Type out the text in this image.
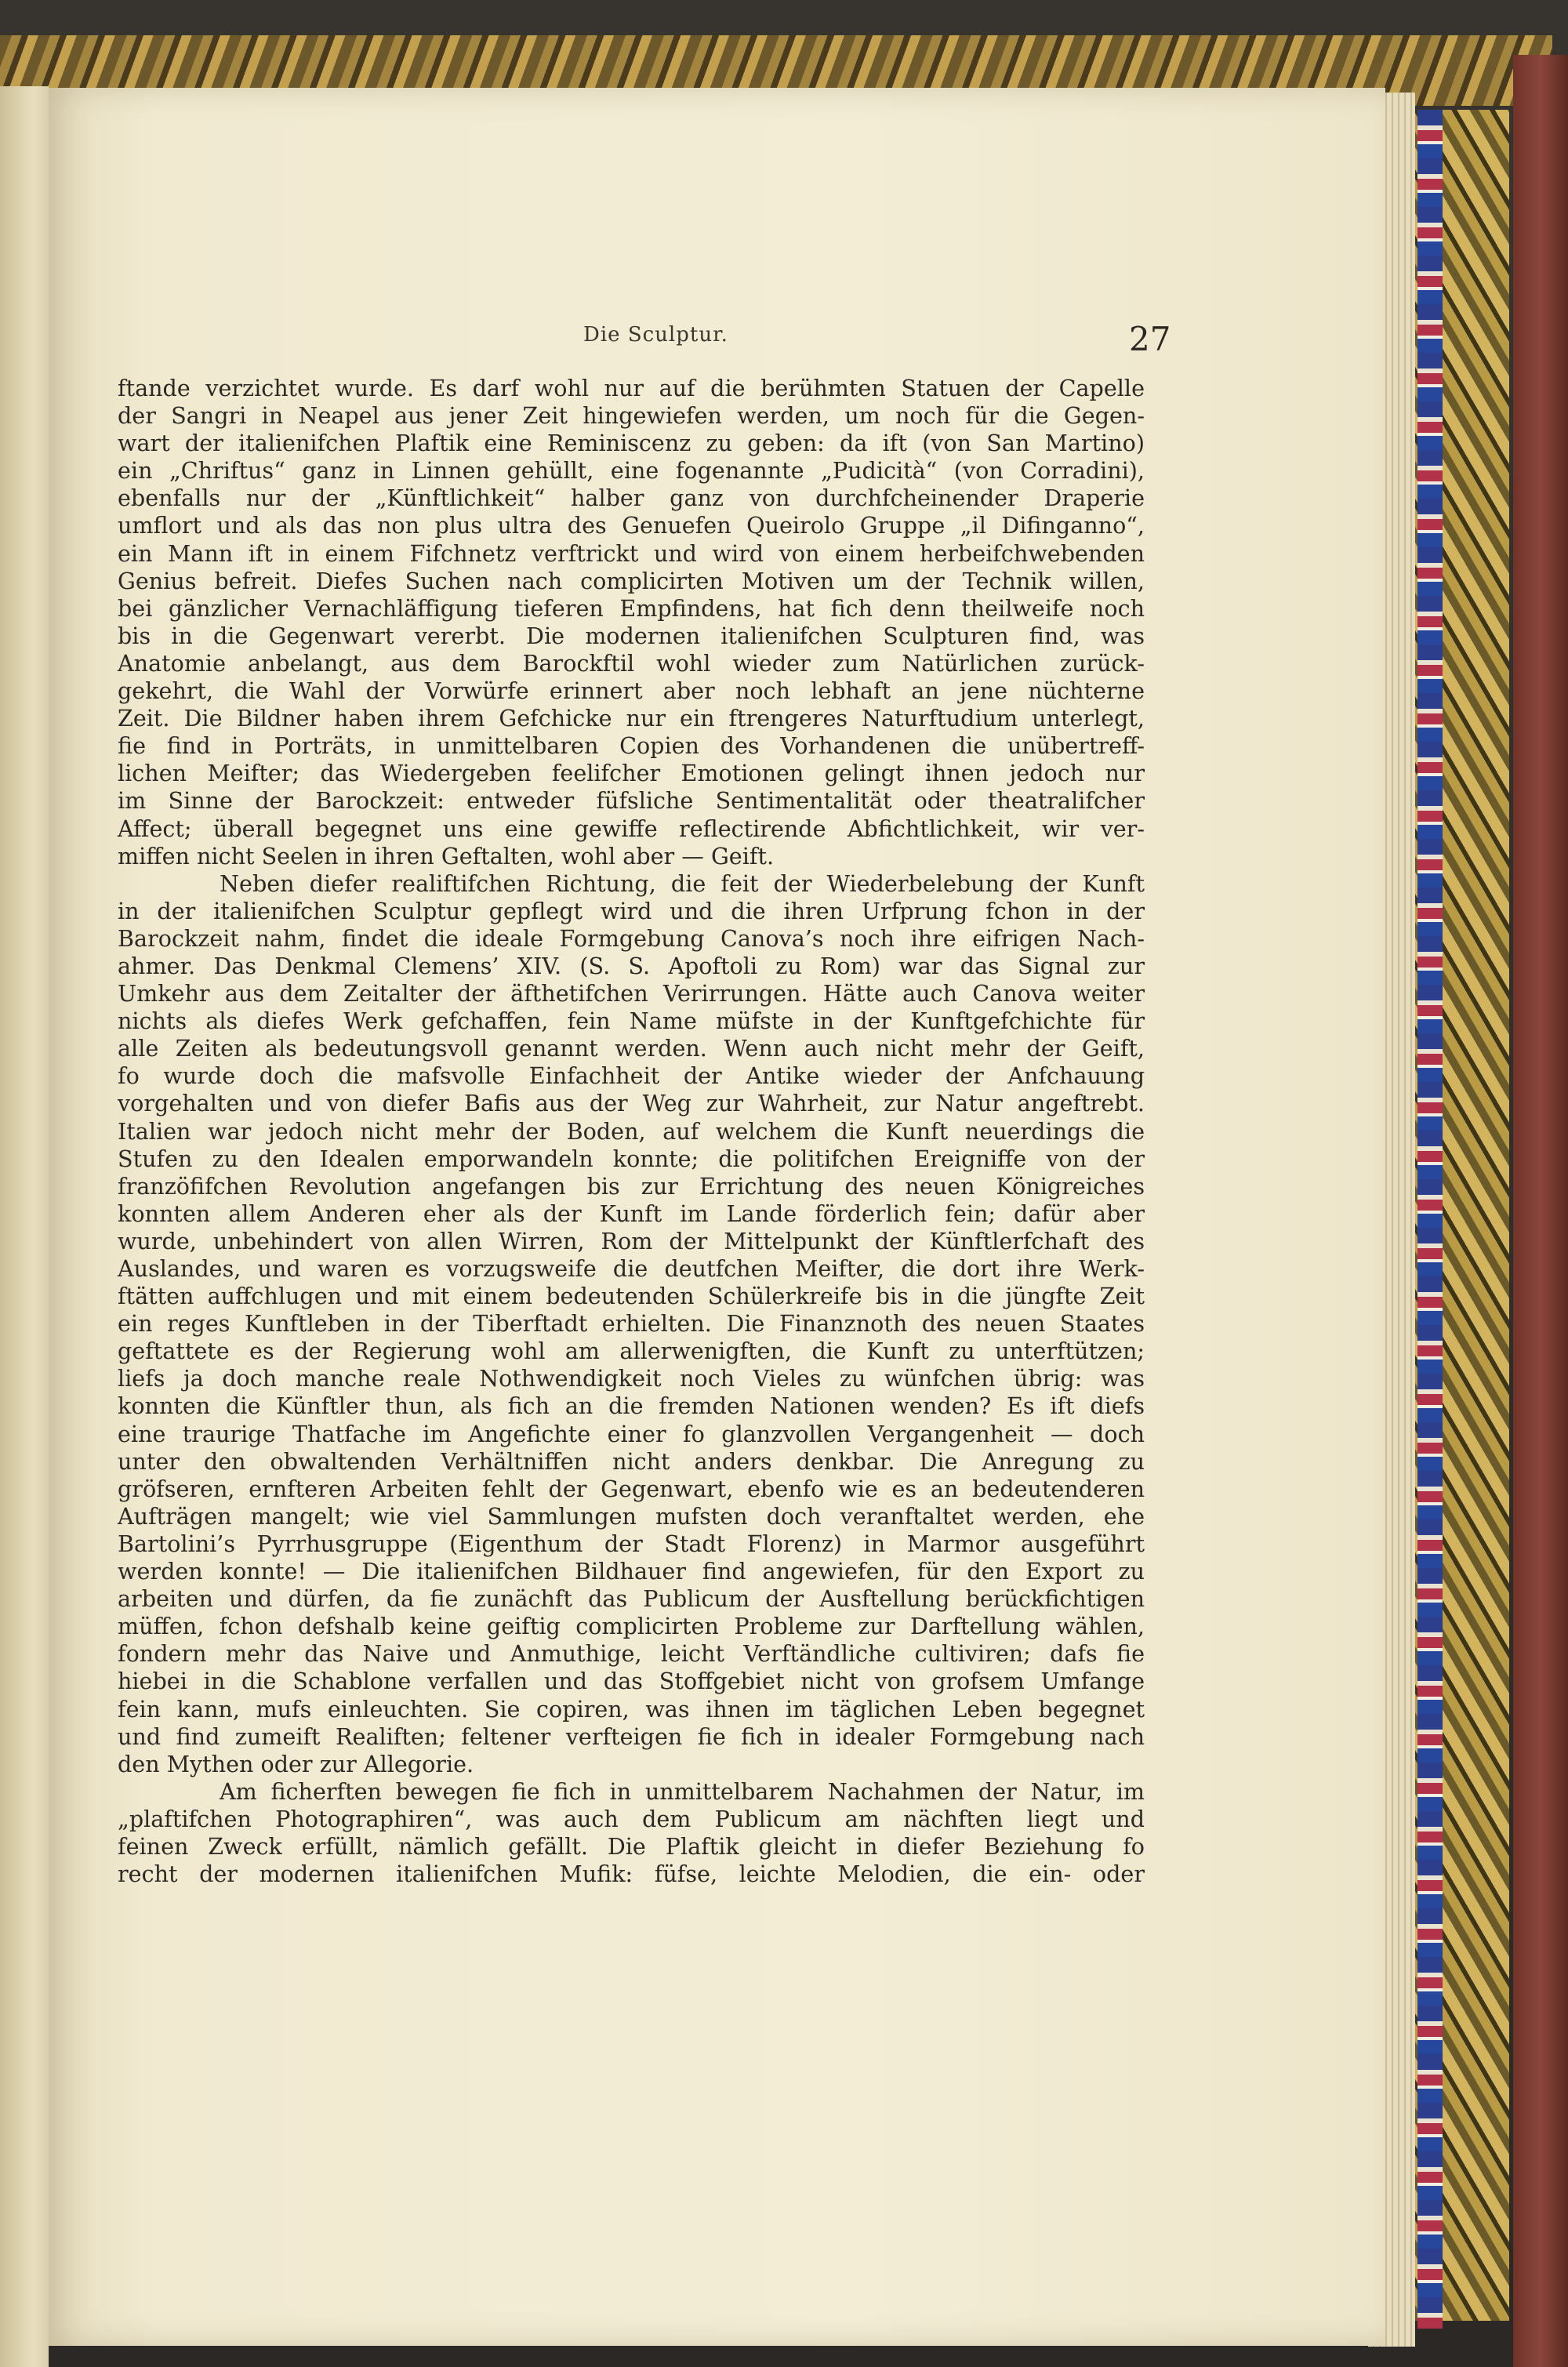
Die Sculptur.	27
ftande verzichtet wurde. Es darf wohl nur auf die berühmten Statuen der Capelle
der Sangri in Neapel aus jener Zeit hingewiefen werden, um noch für die Gegen-
wart der italienifchen Plaftik eine Reminiscenz zu geben: da ift (von San Martino)
ein „Chriftus“ ganz in Linnen gehüllt, eine fogenannte „Pudicità“ (von Corradini),
ebenfalls nur der „Künftlichkeit“ halber ganz von durchfcheinender Draperie
umflort und als das non plus ultra des Genuefen Queirolo Gruppe „il Difinganno“,
ein Mann ift in einem Fifchnetz verftrickt und wird von einem herbeifchwebenden
Genius befreit. Diefes Suchen nach complicirten Motiven um der Technik willen,
bei gänzlicher Vernachläffigung tieferen Empfindens, hat fich denn theilweife noch
bis in die Gegenwart vererbt. Die modernen italienifchen Sculpturen find, was
Anatomie anbelangt, aus dem Barockftil wohl wieder zum Natürlichen zurück-
gekehrt, die Wahl der Vorwürfe erinnert aber noch lebhaft an jene nüchterne
Zeit. Die Bildner haben ihrem Gefchicke nur ein ftrengeres Naturftudium unterlegt,
fie find in Porträts, in unmittelbaren Copien des Vorhandenen die unübertreff-
lichen Meifter; das Wiedergeben feelifcher Emotionen gelingt ihnen jedoch nur
im Sinne der Barockzeit: entweder füfsliche Sentimentalität oder theatralifcher
Affect; überall begegnet uns eine gewiffe reflectirende Abfichtlichkeit, wir ver-
miffen nicht Seelen in ihren Geftalten, wohl aber — Geift.
Neben diefer realiftifchen Richtung, die feit der Wiederbelebung der Kunft
in der italienifchen Sculptur gepflegt wird und die ihren Urfprung fchon in der
Barockzeit nahm, findet die ideale Formgebung Canova’s noch ihre eifrigen Nach-
ahmer. Das Denkmal Clemens’ XIV. (S. S. Apoftoli zu Rom) war das Signal zur
Umkehr aus dem Zeitalter der äfthetifchen Verirrungen. Hätte auch Canova weiter
nichts als diefes Werk gefchaffen, fein Name müfste in der Kunftgefchichte für
alle Zeiten als bedeutungsvoll genannt werden. Wenn auch nicht mehr der Geift,
fo wurde doch die mafsvolle Einfachheit der Antike wieder der Anfchauung
vorgehalten und von diefer Bafis aus der Weg zur Wahrheit, zur Natur angeftrebt.
Italien war jedoch nicht mehr der Boden, auf welchem die Kunft neuerdings die
Stufen zu den Idealen emporwandeln konnte; die politifchen Ereigniffe von der
franzöfifchen Revolution angefangen bis zur Errichtung des neuen Königreiches
konnten allem Anderen eher als der Kunft im Lande förderlich fein; dafür aber
wurde, unbehindert von allen Wirren, Rom der Mittelpunkt der Künftlerfchaft des
Auslandes, und waren es vorzugsweife die deutfchen Meifter, die dort ihre Werk-
ftätten auffchlugen und mit einem bedeutenden Schülerkreife bis in die jüngfte Zeit
ein reges Kunftleben in der Tiberftadt erhielten. Die Finanznoth des neuen Staates
geftattete es der Regierung wohl am allerwenigften, die Kunft zu unterftützen;
liefs ja doch manche reale Nothwendigkeit noch Vieles zu wünfchen übrig: was
konnten die Künftler thun, als fich an die fremden Nationen wenden? Es ift diefs
eine traurige Thatfache im Angefichte einer fo glanzvollen Vergangenheit — doch
unter den obwaltenden Verhältniffen nicht anders denkbar. Die Anregung zu
gröfseren, ernfteren Arbeiten fehlt der Gegenwart, ebenfo wie es an bedeutenderen
Aufträgen mangelt; wie viel Sammlungen mufsten doch veranftaltet werden, ehe
Bartolini’s Pyrrhusgruppe (Eigenthum der Stadt Florenz) in Marmor ausgeführt
werden konnte! — Die italienifchen Bildhauer find angewiefen, für den Export zu
arbeiten und dürfen, da fie zunächft das Publicum der Ausftellung berückfichtigen
müffen, fchon defshalb keine geiftig complicirten Probleme zur Darftellung wählen,
fondern mehr das Naive und Anmuthige, leicht Verftändliche cultiviren; dafs fie
hiebei in die Schablone verfallen und das Stoffgebiet nicht von grofsem Umfange
fein kann, mufs einleuchten. Sie copiren, was ihnen im täglichen Leben begegnet
und find zumeift Realiften; feltener verfteigen fie fich in idealer Formgebung nach
den Mythen oder zur Allegorie.
Am ficherften bewegen fie fich in unmittelbarem Nachahmen der Natur, im
„plaftifchen Photographiren“, was auch dem Publicum am nächften liegt und
feinen Zweck erfüllt, nämlich gefällt. Die Plaftik gleicht in diefer Beziehung fo
recht der modernen italienifchen Mufik: füfse, leichte Melodien, die ein- oder
